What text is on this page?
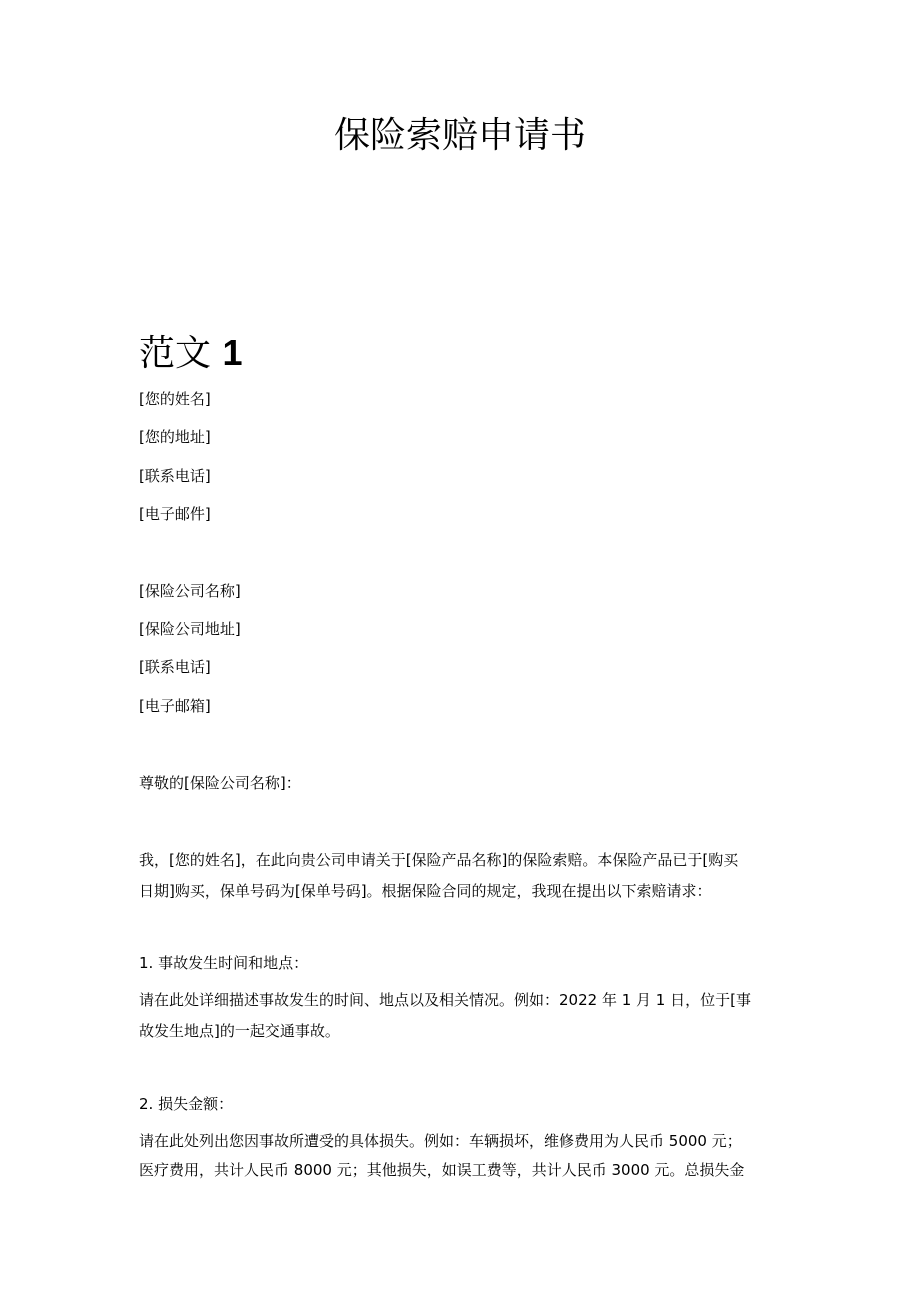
保险索赔申请书
范文 1

[您的姓名]

[您的地址]

[联系电话]

[电子邮件]

[保险公司名称]

[保险公司地址]

[联系电话]

[电子邮箱]

尊敬的[保险公司名称]：

我，[您的姓名]，在此向贵公司申请关于[保险产品名称]的保险索赔。本保险产品已于[购买

日期]购买，保单号码为[保单号码]。根据保险合同的规定，我现在提出以下索赔请求：

1. 事故发生时间和地点：

请在此处详细描述事故发生的时间、地点以及相关情况。例如：2022 年 1 月 1 日，位于[事

故发生地点]的一起交通事故。

2. 损失金额：

请在此处列出您因事故所遭受的具体损失。例如：车辆损坏，维修费用为人民币 5000 元；

医疗费用，共计人民币 8000 元；其他损失，如误工费等，共计人民币 3000 元。总损失金
